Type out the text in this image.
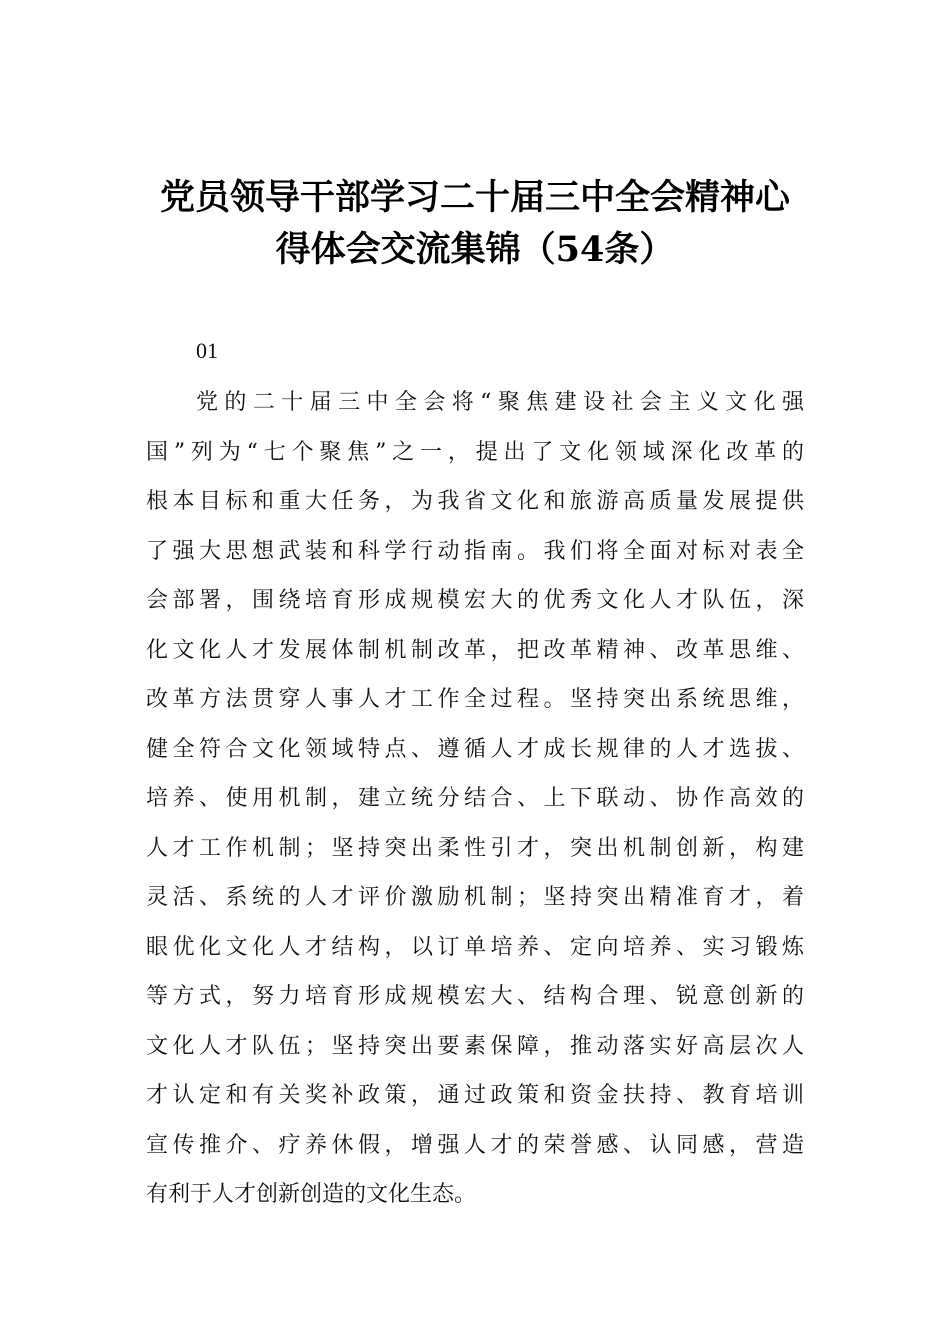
党员领导干部学习二十届三中全会精神心
得体会交流集锦（54条）
01
党的二十届三中全会将“聚焦建设社会主义文化强
国”列为“七个聚焦”之一，提出了文化领域深化改革的
根本目标和重大任务，为我省文化和旅游高质量发展提供
了强大思想武装和科学行动指南。我们将全面对标对表全
会部署，围绕培育形成规模宏大的优秀文化人才队伍，深
化文化人才发展体制机制改革，把改革精神、改革思维、
改革方法贯穿人事人才工作全过程。坚持突出系统思维，
健全符合文化领域特点、遵循人才成长规律的人才选拔、
培养、使用机制，建立统分结合、上下联动、协作高效的
人才工作机制；坚持突出柔性引才，突出机制创新，构建
灵活、系统的人才评价激励机制；坚持突出精准育才，着
眼优化文化人才结构，以订单培养、定向培养、实习锻炼
等方式，努力培育形成规模宏大、结构合理、锐意创新的
文化人才队伍；坚持突出要素保障，推动落实好高层次人
才认定和有关奖补政策，通过政策和资金扶持、教育培训
宣传推介、疗养休假，增强人才的荣誉感、认同感，营造
有利于人才创新创造的文化生态。
